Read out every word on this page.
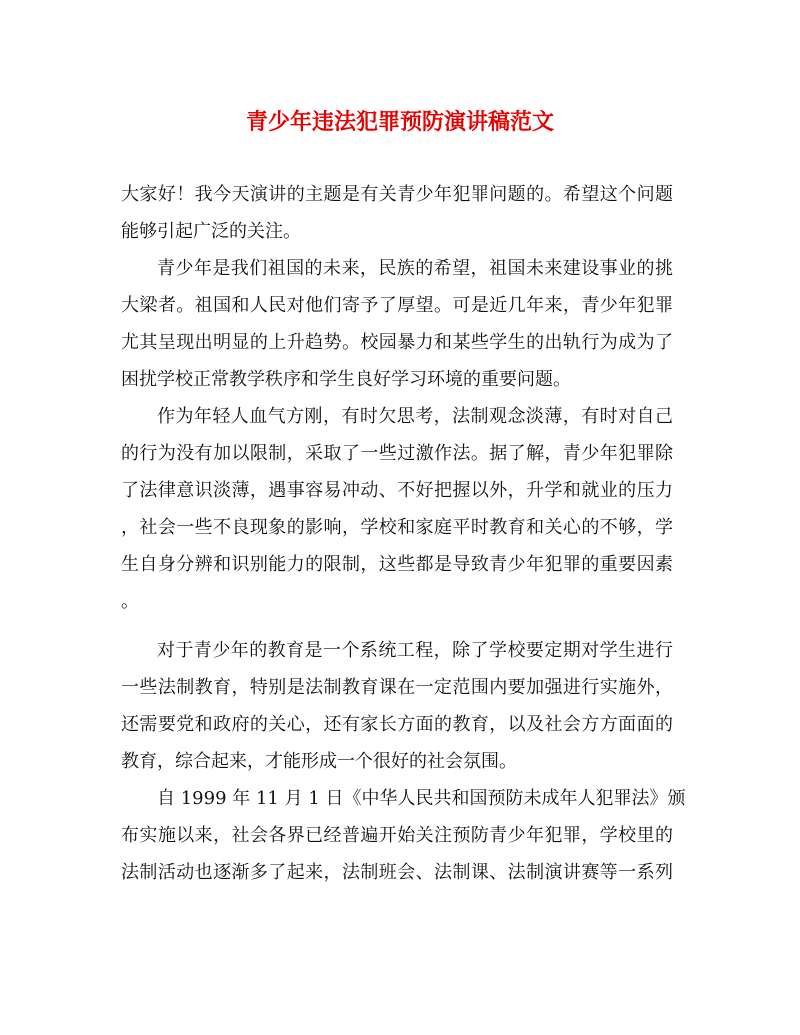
青少年违法犯罪预防演讲稿范文
大家好！我今天演讲的主题是有关青少年犯罪问题的。希望这个问题
能够引起广泛的关注。
青少年是我们祖国的未来，民族的希望，祖国未来建设事业的挑
大梁者。祖国和人民对他们寄予了厚望。可是近几年来，青少年犯罪
尤其呈现出明显的上升趋势。校园暴力和某些学生的出轨行为成为了
困扰学校正常教学秩序和学生良好学习环境的重要问题。
作为年轻人血气方刚，有时欠思考，法制观念淡薄，有时对自己
的行为没有加以限制，采取了一些过激作法。据了解，青少年犯罪除
了法律意识淡薄，遇事容易冲动、不好把握以外，升学和就业的压力
，社会一些不良现象的影响，学校和家庭平时教育和关心的不够，学
生自身分辨和识别能力的限制，这些都是导致青少年犯罪的重要因素
。
对于青少年的教育是一个系统工程，除了学校要定期对学生进行
一些法制教育，特别是法制教育课在一定范围内要加强进行实施外，
还需要党和政府的关心，还有家长方面的教育，以及社会方方面面的
教育，综合起来，才能形成一个很好的社会氛围。
自 1999 年 11 月 1 日《中华人民共和国预防未成年人犯罪法》颁
布实施以来，社会各界已经普遍开始关注预防青少年犯罪，学校里的
法制活动也逐渐多了起来，法制班会、法制课、法制演讲赛等一系列
